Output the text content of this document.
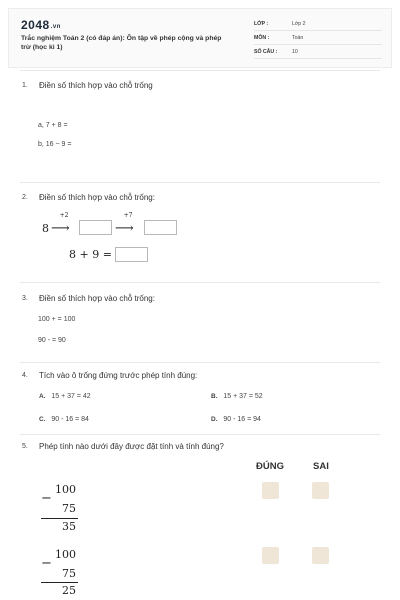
2048.vn
Trắc nghiệm Toán 2 (có đáp án): Ôn tập về phép cộng và phép trừ (học kì 1)
LỚP :	Lớp 2
MÔN :	Toán
SỐ CÂU :	10
1. Điền số thích hợp vào chỗ trống
a, 7 + 8 =
b, 16 − 9 =
2. Điền số thích hợp vào chỗ trống:
8
+2
⟶
+7
⟶
8 + 9 =
3. Điền số thích hợp vào chỗ trống:
100 + = 100
90 - = 90
4. Tích vào ô trống đứng trước phép tính đúng:
A. 15 + 37 = 42	B. 15 + 37 = 52
C. 90 - 16 = 84	D. 90 - 16 = 94
5. Phép tính nào dưới đây được đặt tính và tính đúng?
ĐÚNG	SAI
100
−
75
35
100
−
75
25
